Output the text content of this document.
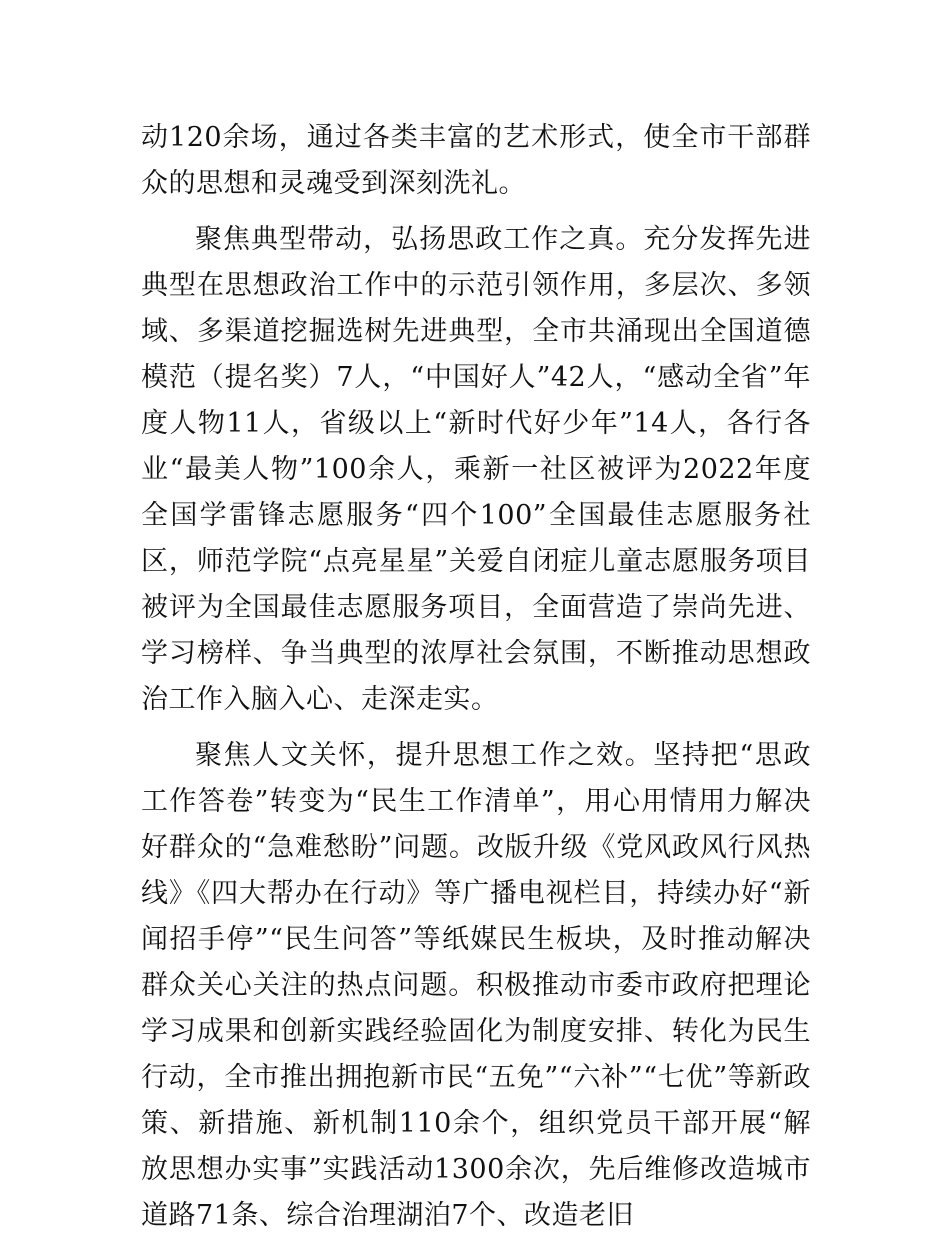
动120余场，通过各类丰富的艺术形式，使全市干部群众的思想和灵魂受到深刻洗礼。

聚焦典型带动，弘扬思政工作之真。充分发挥先进典型在思想政治工作中的示范引领作用，多层次、多领域、多渠道挖掘选树先进典型，全市共涌现出全国道德模范（提名奖）7人，“中国好人”42人，“感动全省”年度人物11人，省级以上“新时代好少年”14人，各行各业“最美人物”100余人，乘新一社区被评为2022年度全国学雷锋志愿服务“四个100”全国最佳志愿服务社区，师范学院“点亮星星”关爱自闭症儿童志愿服务项目被评为全国最佳志愿服务项目，全面营造了崇尚先进、学习榜样、争当典型的浓厚社会氛围，不断推动思想政治工作入脑入心、走深走实。

聚焦人文关怀，提升思想工作之效。坚持把“思政工作答卷”转变为“民生工作清单”，用心用情用力解决好群众的“急难愁盼”问题。改版升级《党风政风行风热线》《四大帮办在行动》等广播电视栏目，持续办好“新闻招手停”“民生问答”等纸媒民生板块，及时推动解决群众关心关注的热点问题。积极推动市委市政府把理论学习成果和创新实践经验固化为制度安排、转化为民生行动，全市推出拥抱新市民“五免”“六补”“七优”等新政策、新措施、新机制110余个，组织党员干部开展“解放思想办实事”实践活动1300余次，先后维修改造城市道路71条、综合治理湖泊7个、改造老旧
